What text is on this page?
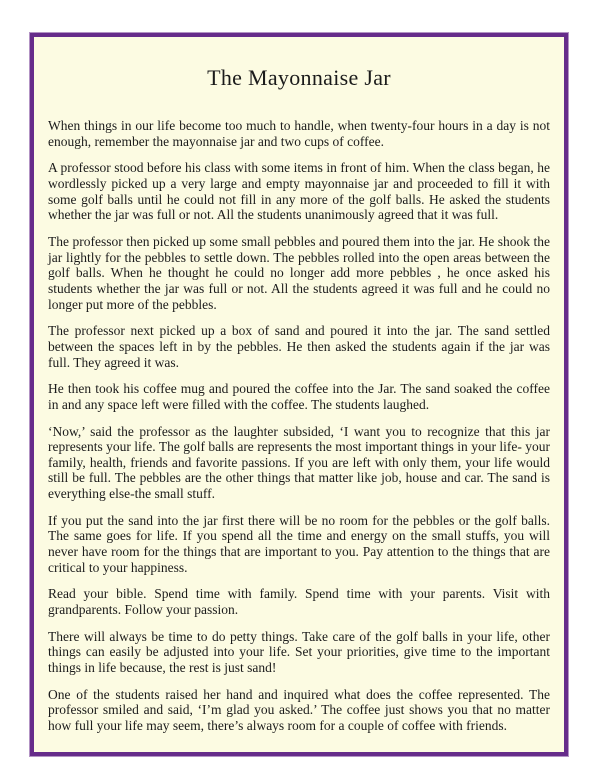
The Mayonnaise Jar

When things in our life become too much to handle, when twenty-four hours in a day is not enough, remember the mayonnaise jar and two cups of coffee.

A professor stood before his class with some items in front of him. When the class began, he wordlessly picked up a very large and empty mayonnaise jar and proceeded to fill it with some golf balls until he could not fill in any more of the golf balls. He asked the students whether the jar was full or not. All the students unanimously agreed that it was full.

The professor then picked up some small pebbles and poured them into the jar. He shook the jar lightly for the pebbles to settle down. The pebbles rolled into the open areas between the golf balls. When he thought he could no longer add more pebbles , he once asked his students whether the jar was full or not. All the students agreed it was full and he could no longer put more of the pebbles.

The professor next picked up a box of sand and poured it into the jar. The sand settled between the spaces left in by the pebbles. He then asked the students again if the jar was full. They agreed it was.

He then took his coffee mug and poured the coffee into the Jar. The sand soaked the coffee in and any space left were filled with the coffee. The students laughed.

‘Now,’ said the professor as the laughter subsided, ‘I want you to recognize that this jar represents your life. The golf balls are represents the most important things in your life- your family, health, friends and favorite passions. If you are left with only them, your life would still be full. The pebbles are the other things that matter like job, house and car. The sand is everything else-the small stuff.

If you put the sand into the jar first there will be no room for the pebbles or the golf balls. The same goes for life. If you spend all the time and energy on the small stuffs, you will never have room for the things that are important to you. Pay attention to the things that are critical to your happiness.

Read your bible. Spend time with family. Spend time with your parents. Visit with grandparents. Follow your passion.

There will always be time to do petty things. Take care of the golf balls in your life, other things can easily be adjusted into your life. Set your priorities, give time to the important things in life because, the rest is just sand!

One of the students raised her hand and inquired what does the coffee represented. The professor smiled and said, ‘I’m glad you asked.’ The coffee just shows you that no matter how full your life may seem, there’s always room for a couple of coffee with friends.
